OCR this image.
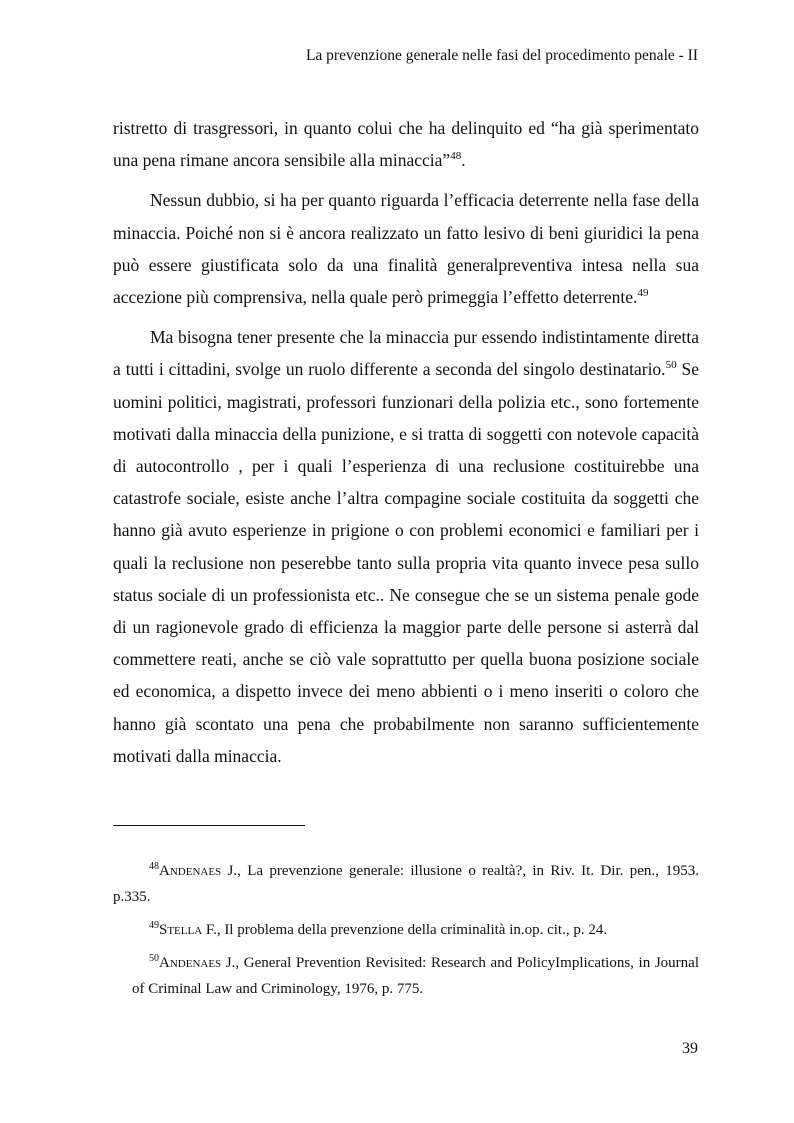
La prevenzione generale nelle fasi del procedimento penale - II

ristretto di trasgressori, in quanto colui che ha delinquito ed “ha già sperimentato una pena rimane ancora sensibile alla minaccia”$^{48}$.

Nessun dubbio, si ha per quanto riguarda l’efficacia deterrente nella fase della minaccia. Poiché non si è ancora realizzato un fatto lesivo di beni giuridici la pena può essere giustificata solo da una finalità generalpreventiva intesa nella sua accezione più comprensiva, nella quale però primeggia l’effetto deterrente.$^{49}$

Ma bisogna tener presente che la minaccia pur essendo indistintamente diretta a tutti i cittadini, svolge un ruolo differente a seconda del singolo destinatario.$^{50}$ Se uomini politici, magistrati, professori funzionari della polizia etc., sono fortemente motivati dalla minaccia della punizione, e si tratta di soggetti con notevole capacità di autocontrollo , per i quali l’esperienza di una reclusione costituirebbe una catastrofe sociale, esiste anche l’altra compagine sociale costituita da soggetti che hanno già avuto esperienze in prigione o con problemi economici e familiari per i quali la reclusione non peserebbe tanto sulla propria vita quanto invece pesa sullo status sociale di un professionista etc.. Ne consegue che se un sistema penale gode di un ragionevole grado di efficienza la maggior parte delle persone si asterrà dal commettere reati, anche se ciò vale soprattutto per quella buona posizione sociale ed economica, a dispetto invece dei meno abbienti o i meno inseriti o coloro che hanno già scontato una pena che probabilmente non saranno sufficientemente motivati dalla minaccia.

$^{48}$Andenaes J., La prevenzione generale: illusione o realtà?, in Riv. It. Dir. pen., 1953. p.335.

$^{49}$Stella F., Il problema della prevenzione della criminalità in.op. cit., p. 24.

$^{50}$Andenaes J., General Prevention Revisited: Research and PolicyImplications, in Journal of Criminal Law and Criminology, 1976, p. 775.

39
